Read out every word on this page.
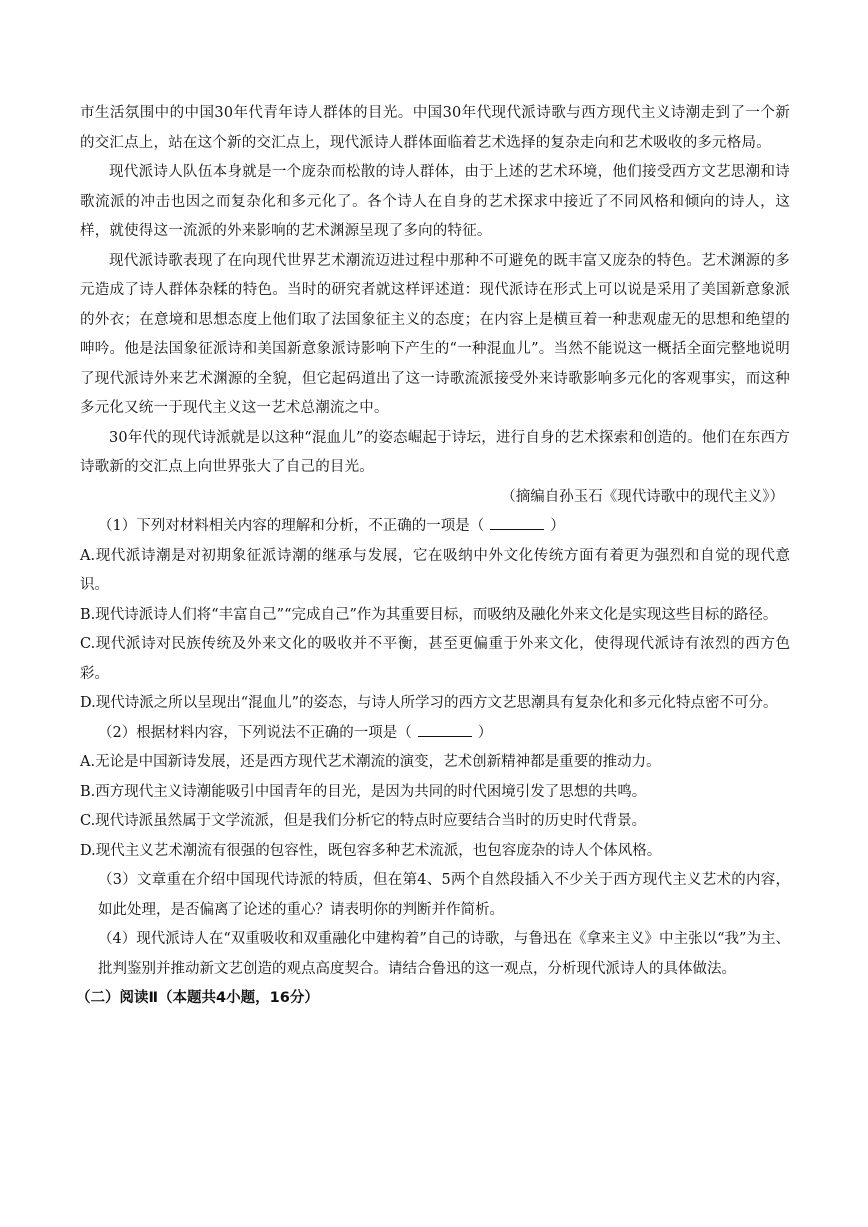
市生活氛围中的中国30年代青年诗人群体的目光。中国30年代现代派诗歌与西方现代主义诗潮走到了一个新的交汇点上，站在这个新的交汇点上，现代派诗人群体面临着艺术选择的复杂走向和艺术吸收的多元格局。

现代派诗人队伍本身就是一个庞杂而松散的诗人群体，由于上述的艺术环境，他们接受西方文艺思潮和诗歌流派的冲击也因之而复杂化和多元化了。各个诗人在自身的艺术探求中接近了不同风格和倾向的诗人，这样，就使得这一流派的外来影响的艺术渊源呈现了多向的特征。

现代派诗歌表现了在向现代世界艺术潮流迈进过程中那种不可避免的既丰富又庞杂的特色。艺术渊源的多元造成了诗人群体杂糅的特色。当时的研究者就这样评述道：现代派诗在形式上可以说是采用了美国新意象派的外衣；在意境和思想态度上他们取了法国象征主义的态度；在内容上是横亘着一种悲观虚无的思想和绝望的呻吟。他是法国象征派诗和美国新意象派诗影响下产生的“一种混血儿”。当然不能说这一概括全面完整地说明了现代派诗外来艺术渊源的全貌，但它起码道出了这一诗歌流派接受外来诗歌影响多元化的客观事实，而这种多元化又统一于现代主义这一艺术总潮流之中。

30年代的现代诗派就是以这种“混血儿”的姿态崛起于诗坛，进行自身的艺术探索和创造的。他们在东西方诗歌新的交汇点上向世界张大了自己的目光。

（摘编自孙玉石《现代诗歌中的现代主义》）

（1）下列对材料相关内容的理解和分析，不正确的一项是（	）

A.现代派诗潮是对初期象征派诗潮的继承与发展，它在吸纳中外文化传统方面有着更为强烈和自觉的现代意识。

B.现代诗派诗人们将“丰富自己”“完成自己”作为其重要目标，而吸纳及融化外来文化是实现这些目标的路径。

C.现代派诗对民族传统及外来文化的吸收并不平衡，甚至更偏重于外来文化，使得现代派诗有浓烈的西方色彩。

D.现代诗派之所以呈现出“混血儿”的姿态，与诗人所学习的西方文艺思潮具有复杂化和多元化特点密不可分。

（2）根据材料内容，下列说法不正确的一项是（	）

A.无论是中国新诗发展，还是西方现代艺术潮流的演变，艺术创新精神都是重要的推动力。

B.西方现代主义诗潮能吸引中国青年的目光，是因为共同的时代困境引发了思想的共鸣。

C.现代诗派虽然属于文学流派，但是我们分析它的特点时应要结合当时的历史时代背景。

D.现代主义艺术潮流有很强的包容性，既包容多种艺术流派，也包容庞杂的诗人个体风格。

（3）文章重在介绍中国现代诗派的特质，但在第4、5两个自然段插入不少关于西方现代主义艺术的内容，如此处理，是否偏离了论述的重心？请表明你的判断并作简析。

（4）现代派诗人在“双重吸收和双重融化中建构着”自己的诗歌，与鲁迅在《拿来主义》中主张以“我”为主、批判鉴别并推动新文艺创造的观点高度契合。请结合鲁迅的这一观点，分析现代派诗人的具体做法。

（二）阅读Ⅱ（本题共4小题，16分）
